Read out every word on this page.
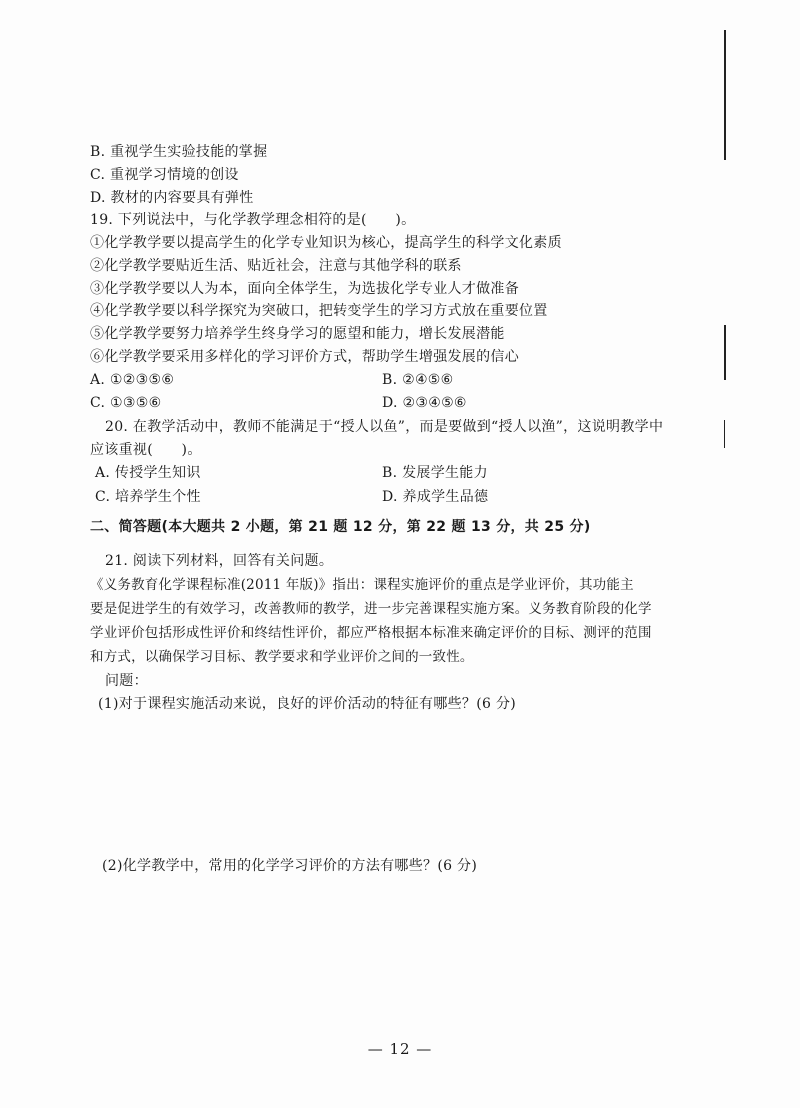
B. 重视学生实验技能的掌握
C. 重视学习情境的创设
D. 教材的内容要具有弹性
19. 下列说法中，与化学教学理念相符的是(　　)。
①化学教学要以提高学生的化学专业知识为核心，提高学生的科学文化素质
②化学教学要贴近生活、贴近社会，注意与其他学科的联系
③化学教学要以人为本，面向全体学生，为选拔化学专业人才做准备
④化学教学要以科学探究为突破口，把转变学生的学习方式放在重要位置
⑤化学教学要努力培养学生终身学习的愿望和能力，增长发展潜能
⑥化学教学要采用多样化的学习评价方式，帮助学生增强发展的信心
A. ①②③⑤⑥	B. ②④⑤⑥
C. ①③⑤⑥	D. ②③④⑤⑥
20. 在教学活动中，教师不能满足于“授人以鱼”，而是要做到“授人以渔”，这说明教学中
应该重视(　　)。
A. 传授学生知识	B. 发展学生能力
C. 培养学生个性	D. 养成学生品德
二、简答题(本大题共 2 小题，第 21 题 12 分，第 22 题 13 分，共 25 分)
21. 阅读下列材料，回答有关问题。
《义务教育化学课程标准(2011 年版)》指出：课程实施评价的重点是学业评价，其功能主
要是促进学生的有效学习，改善教师的教学，进一步完善课程实施方案。义务教育阶段的化学
学业评价包括形成性评价和终结性评价，都应严格根据本标准来确定评价的目标、测评的范围
和方式，以确保学习目标、教学要求和学业评价之间的一致性。
问题：
(1)对于课程实施活动来说，良好的评价活动的特征有哪些？(6 分)
(2)化学教学中，常用的化学学习评价的方法有哪些？(6 分)
— 12 —
